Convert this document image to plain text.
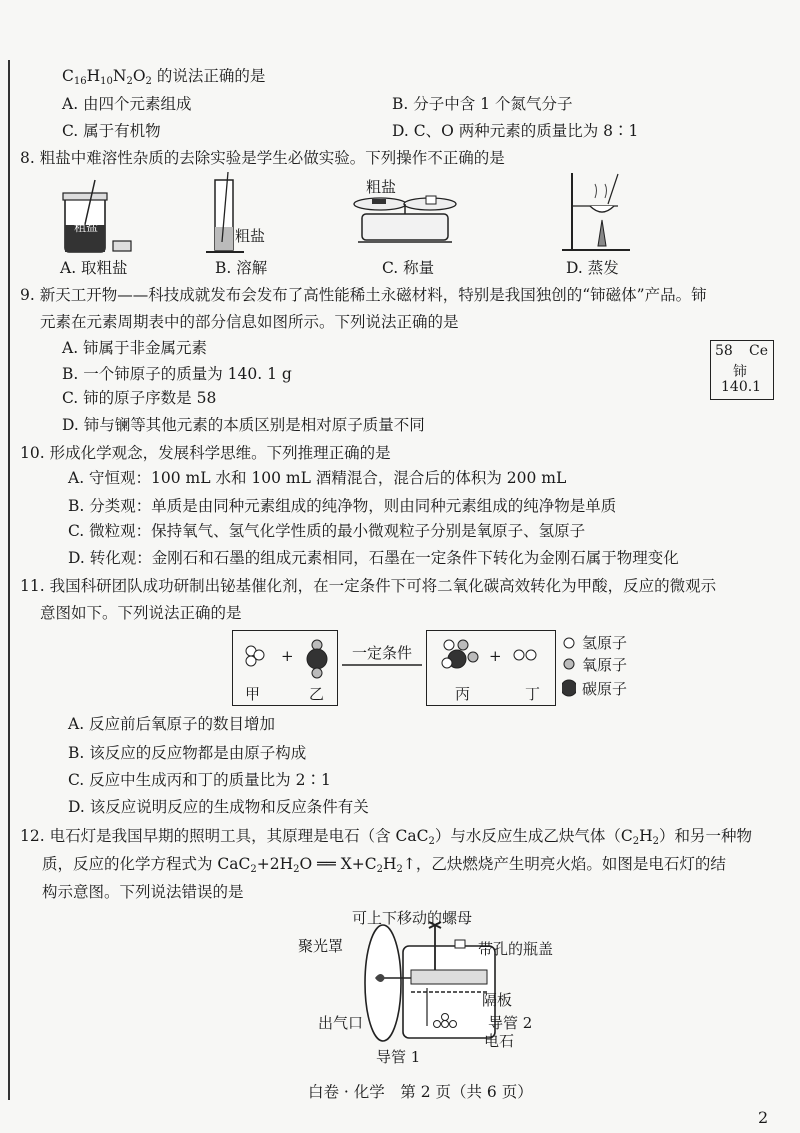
$C_{16}H_{10}N_2O_2$ 的说法正确的是
A. 由四个元素组成	B. 分子中含 1 个氮气分子
C. 属于有机物	D. C、O 两种元素的质量比为 8∶1
8. 粗盐中难溶性杂质的去除实验是学生必做实验。下列操作不正确的是
粗盐	粗盐
粗盐
A. 取粗盐	B. 溶解	C. 称量	D. 蒸发
9. 新天工开物——科技成就发布会发布了高性能稀土永磁材料，特别是我国独创的“铈磁体”产品。铈
元素在元素周期表中的部分信息如图所示。下列说法正确的是
58 Ce
铈
140.1
A. 铈属于非金属元素
B. 一个铈原子的质量为 140. 1 g
C. 铈的原子序数是 58
D. 铈与镧等其他元素的本质区别是相对原子质量不同
10. 形成化学观念，发展科学思维。下列推理正确的是
A. 守恒观：100 mL 水和 100 mL 酒精混合，混合后的体积为 200 mL
B. 分类观：单质是由同种元素组成的纯净物，则由同种元素组成的纯净物是单质
C. 微粒观：保持氧气、氢气化学性质的最小微观粒子分别是氧原子、氢原子
D. 转化观：金刚石和石墨的组成元素相同，石墨在一定条件下转化为金刚石属于物理变化
11. 我国科研团队成功研制出铋基催化剂，在一定条件下可将二氧化碳高效转化为甲酸，反应的微观示
意图如下。下列说法正确的是
+
甲	乙
一定条件	+
丙	丁
氢原子
氧原子
碳原子
A. 反应前后氧原子的数目增加
B. 该反应的反应物都是由原子构成
C. 反应中生成丙和丁的质量比为 2∶1
D. 该反应说明反应的生成物和反应条件有关
12. 电石灯是我国早期的照明工具，其原理是电石（含 CaC$_2$）与水反应生成乙炔气体$(C_2H_2)$和另一种物
质，反应的化学方程式为 $CaC_2+2H_2O$ ══ $X+C_2H_2↑$，乙炔燃烧产生明亮火焰。如图是电石灯的结
构示意图。下列说法错误的是
可上下移动的螺母
聚光罩	带孔的瓶盖
隔板
出气口	导管 2
电石
导管 1
白卷 · 化学　第 2 页（共 6 页）
2
